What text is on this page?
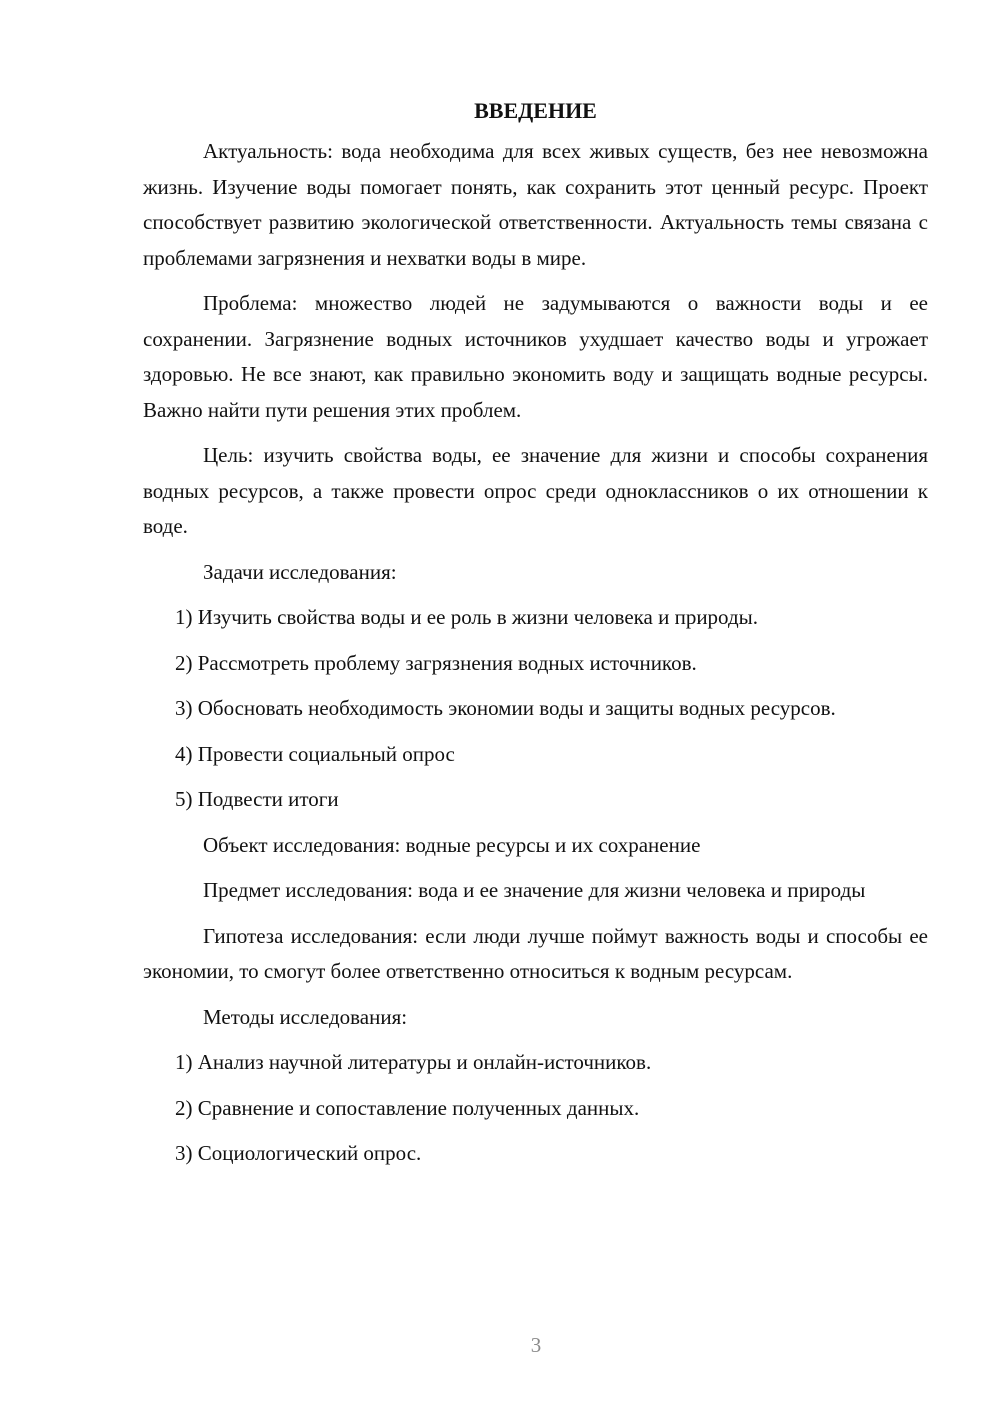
ВВЕДЕНИЕ

Актуальность: вода необходима для всех живых существ, без нее невозможна жизнь. Изучение воды помогает понять, как сохранить этот ценный ресурс. Проект способствует развитию экологической ответственности. Актуальность темы связана с проблемами загрязнения и нехватки воды в мире.

Проблема: множество людей не задумываются о важности воды и ее сохранении. Загрязнение водных источников ухудшает качество воды и угрожает здоровью. Не все знают, как правильно экономить воду и защищать водные ресурсы. Важно найти пути решения этих проблем.

Цель: изучить свойства воды, ее значение для жизни и способы сохранения водных ресурсов, а также провести опрос среди одноклассников о их отношении к воде.

Задачи исследования:

1) Изучить свойства воды и ее роль в жизни человека и природы.

2) Рассмотреть проблему загрязнения водных источников.

3) Обосновать необходимость экономии воды и защиты водных ресурсов.

4) Провести социальный опрос

5) Подвести итоги

Объект исследования: водные ресурсы и их сохранение

Предмет исследования: вода и ее значение для жизни человека и природы

Гипотеза исследования: если люди лучше поймут важность воды и способы ее экономии, то смогут более ответственно относиться к водным ресурсам.

Методы исследования:

1) Анализ научной литературы и онлайн-источников.

2) Сравнение и сопоставление полученных данных.

3) Социологический опрос.

3
